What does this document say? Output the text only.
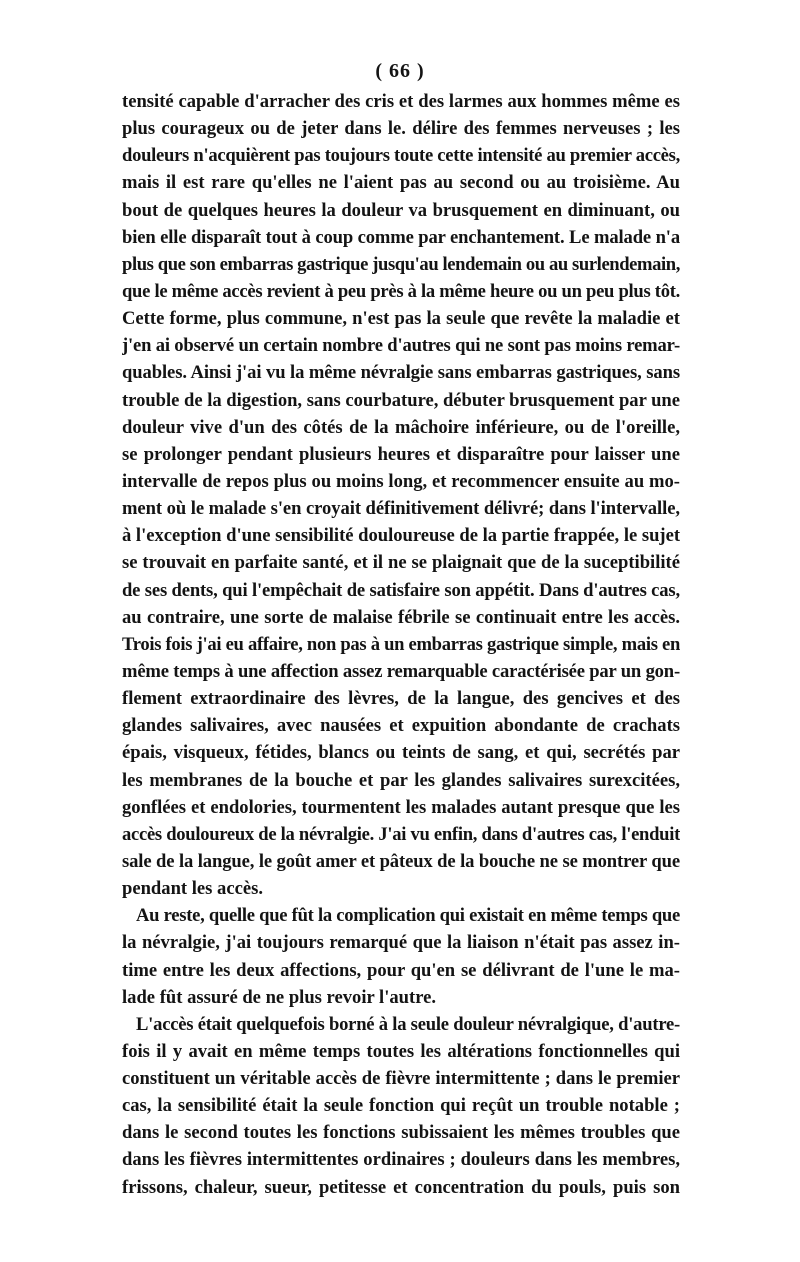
( 66 )

tensité capable d'arracher des cris et des larmes aux hommes même es
plus courageux ou de jeter dans le. délire des femmes nerveuses ; les
douleurs n'acquièrent pas toujours toute cette intensité au premier accès,
mais il est rare qu'elles ne l'aient pas au second ou au troisième. Au
bout de quelques heures la douleur va brusquement en diminuant, ou
bien elle disparaît tout à coup comme par enchantement. Le malade n'a
plus que son embarras gastrique jusqu'au lendemain ou au surlendemain,
que le même accès revient à peu près à la même heure ou un peu plus tôt.
Cette forme, plus commune, n'est pas la seule que revête la maladie et
j'en ai observé un certain nombre d'autres qui ne sont pas moins remar-
quables. Ainsi j'ai vu la même névralgie sans embarras gastriques, sans
trouble de la digestion, sans courbature, débuter brusquement par une
douleur vive d'un des côtés de la mâchoire inférieure, ou de l'oreille,
se prolonger pendant plusieurs heures et disparaître pour laisser une
intervalle de repos plus ou moins long, et recommencer ensuite au mo-
ment où le malade s'en croyait définitivement délivré; dans l'intervalle,
à l'exception d'une sensibilité douloureuse de la partie frappée, le sujet
se trouvait en parfaite santé, et il ne se plaignait que de la suceptibilité
de ses dents, qui l'empêchait de satisfaire son appétit. Dans d'autres cas,
au contraire, une sorte de malaise fébrile se continuait entre les accès.
Trois fois j'ai eu affaire, non pas à un embarras gastrique simple, mais en
même temps à une affection assez remarquable caractérisée par un gon-
flement extraordinaire des lèvres, de la langue, des gencives et des
glandes salivaires, avec nausées et expuition abondante de crachats
épais, visqueux, fétides, blancs ou teints de sang, et qui, secrétés par
les membranes de la bouche et par les glandes salivaires surexcitées,
gonflées et endolories, tourmentent les malades autant presque que les
accès douloureux de la névralgie. J'ai vu enfin, dans d'autres cas, l'enduit
sale de la langue, le goût amer et pâteux de la bouche ne se montrer que
pendant les accès.

Au reste, quelle que fût la complication qui existait en même temps que
la névralgie, j'ai toujours remarqué que la liaison n'était pas assez in-
time entre les deux affections, pour qu'en se délivrant de l'une le ma-
lade fût assuré de ne plus revoir l'autre.

L'accès était quelquefois borné à la seule douleur névralgique, d'autre-
fois il y avait en même temps toutes les altérations fonctionnelles qui
constituent un véritable accès de fièvre intermittente ; dans le premier
cas, la sensibilité était la seule fonction qui reçût un trouble notable ;
dans le second toutes les fonctions subissaient les mêmes troubles que
dans les fièvres intermittentes ordinaires ; douleurs dans les membres,
frissons, chaleur, sueur, petitesse et concentration du pouls, puis son
